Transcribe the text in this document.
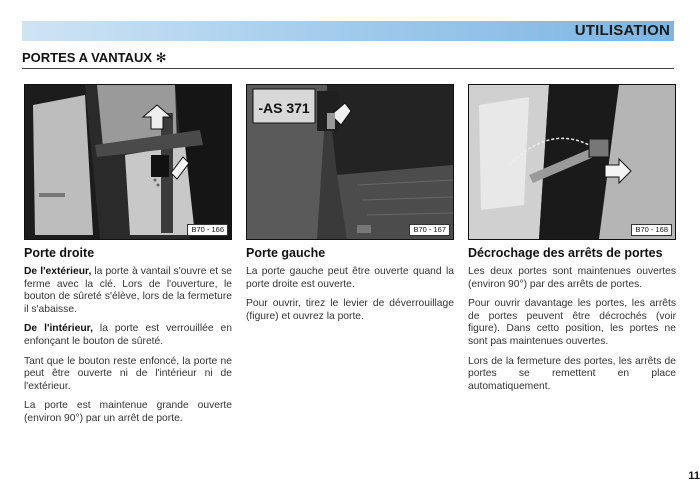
UTILISATION
PORTES A VANTAUX ✻
B70 - 166
Porte droite

De l'extérieur, la porte à vantail s'ouvre et se ferme avec la clé. Lors de l'ouverture, le bouton de sûreté s'élève, lors de la fermeture il s'abaisse.

De l'intérieur, la porte est verrouillée en enfonçant le bouton de sûreté.

Tant que le bouton reste enfoncé, la porte ne peut être ouverte ni de l'intérieur ni de l'extérieur.

La porte est maintenue grande ouverte (environ 90°) par un arrêt de porte.

-AS 371
B70 - 167
Porte gauche

La porte gauche peut être ouverte quand la porte droite est ouverte.

Pour ouvrir, tirez le levier de déverrouillage (figure) et ouvrez la porte.

B70 - 168
Décrochage des arrêts de portes

Les deux portes sont maintenues ouvertes (environ 90°) par des arrêts de portes.

Pour ouvrir davantage les portes, les arrêts de portes peuvent être décrochés (voir figure). Dans cetto position, les portes ne sont pas maintenues ouvertes.

Lors de la fermeture des portes, les arrêts de portes se remettent en place automatiquement.

11
